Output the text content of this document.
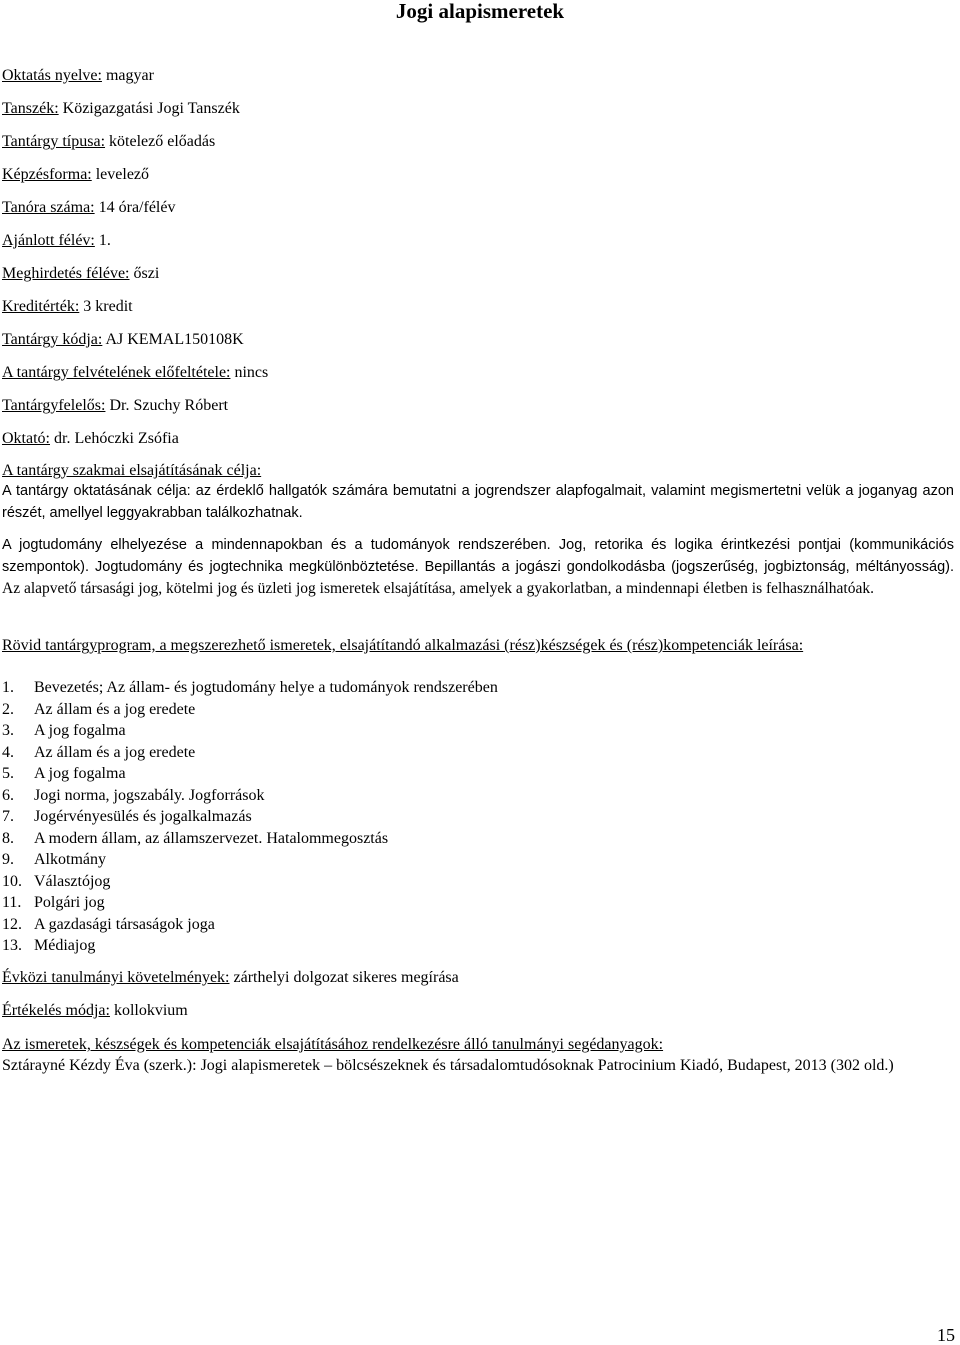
Jogi alapismeretek
Oktatás nyelve: magyar
Tanszék: Közigazgatási Jogi Tanszék
Tantárgy típusa: kötelező előadás
Képzésforma: levelező
Tanóra száma: 14 óra/félév
Ajánlott félév: 1.
Meghirdetés féléve: őszi
Kreditérték: 3 kredit
Tantárgy kódja: AJ KEMAL150108K
A tantárgy felvételének előfeltétele: nincs
Tantárgyfelelős: Dr. Szuchy Róbert
Oktató: dr. Lehóczki Zsófia
A tantárgy szakmai elsajátításának célja:

A tantárgy oktatásának célja: az érdeklő hallgatók számára bemutatni a jogrendszer alapfogalmait, valamint megismertetni velük a joganyag azon részét, amellyel leggyakrabban találkozhatnak.

A jogtudomány elhelyezése a mindennapokban és a tudományok rendszerében. Jog, retorika és logika érintkezési pontjai (kommunikációs szempontok). Jogtudomány és jogtechnika megkülönböztetése. Bepillantás a jogászi gondolkodásba (jogszerűség, jogbiztonság, méltányosság). Az alapvető társasági jog, kötelmi jog és üzleti jog ismeretek elsajátítása, amelyek a gyakorlatban, a mindennapi életben is felhasználhatóak.

Rövid tantárgyprogram, a megszerezhető ismeretek, elsajátítandó alkalmazási (rész)készségek és (rész)kompetenciák leírása:
1. Bevezetés; Az állam- és jogtudomány helye a tudományok rendszerében
2. Az állam és a jog eredete
3. A jog fogalma
4. Az állam és a jog eredete
5. A jog fogalma
6. Jogi norma, jogszabály. Jogforrások
7. Jogérvényesülés és jogalkalmazás
8. A modern állam, az államszervezet. Hatalommegosztás
9. Alkotmány
10. Választójog
11. Polgári jog
12. A gazdasági társaságok joga
13. Médiajog
Évközi tanulmányi követelmények: zárthelyi dolgozat sikeres megírása
Értékelés módja: kollokvium
Az ismeretek, készségek és kompetenciák elsajátításához rendelkezésre álló tanulmányi segédanyagok:

Sztárayné Kézdy Éva (szerk.): Jogi alapismeretek – bölcsészeknek és társadalomtudósoknak Patrocinium Kiadó, Budapest, 2013 (302 old.)

15
